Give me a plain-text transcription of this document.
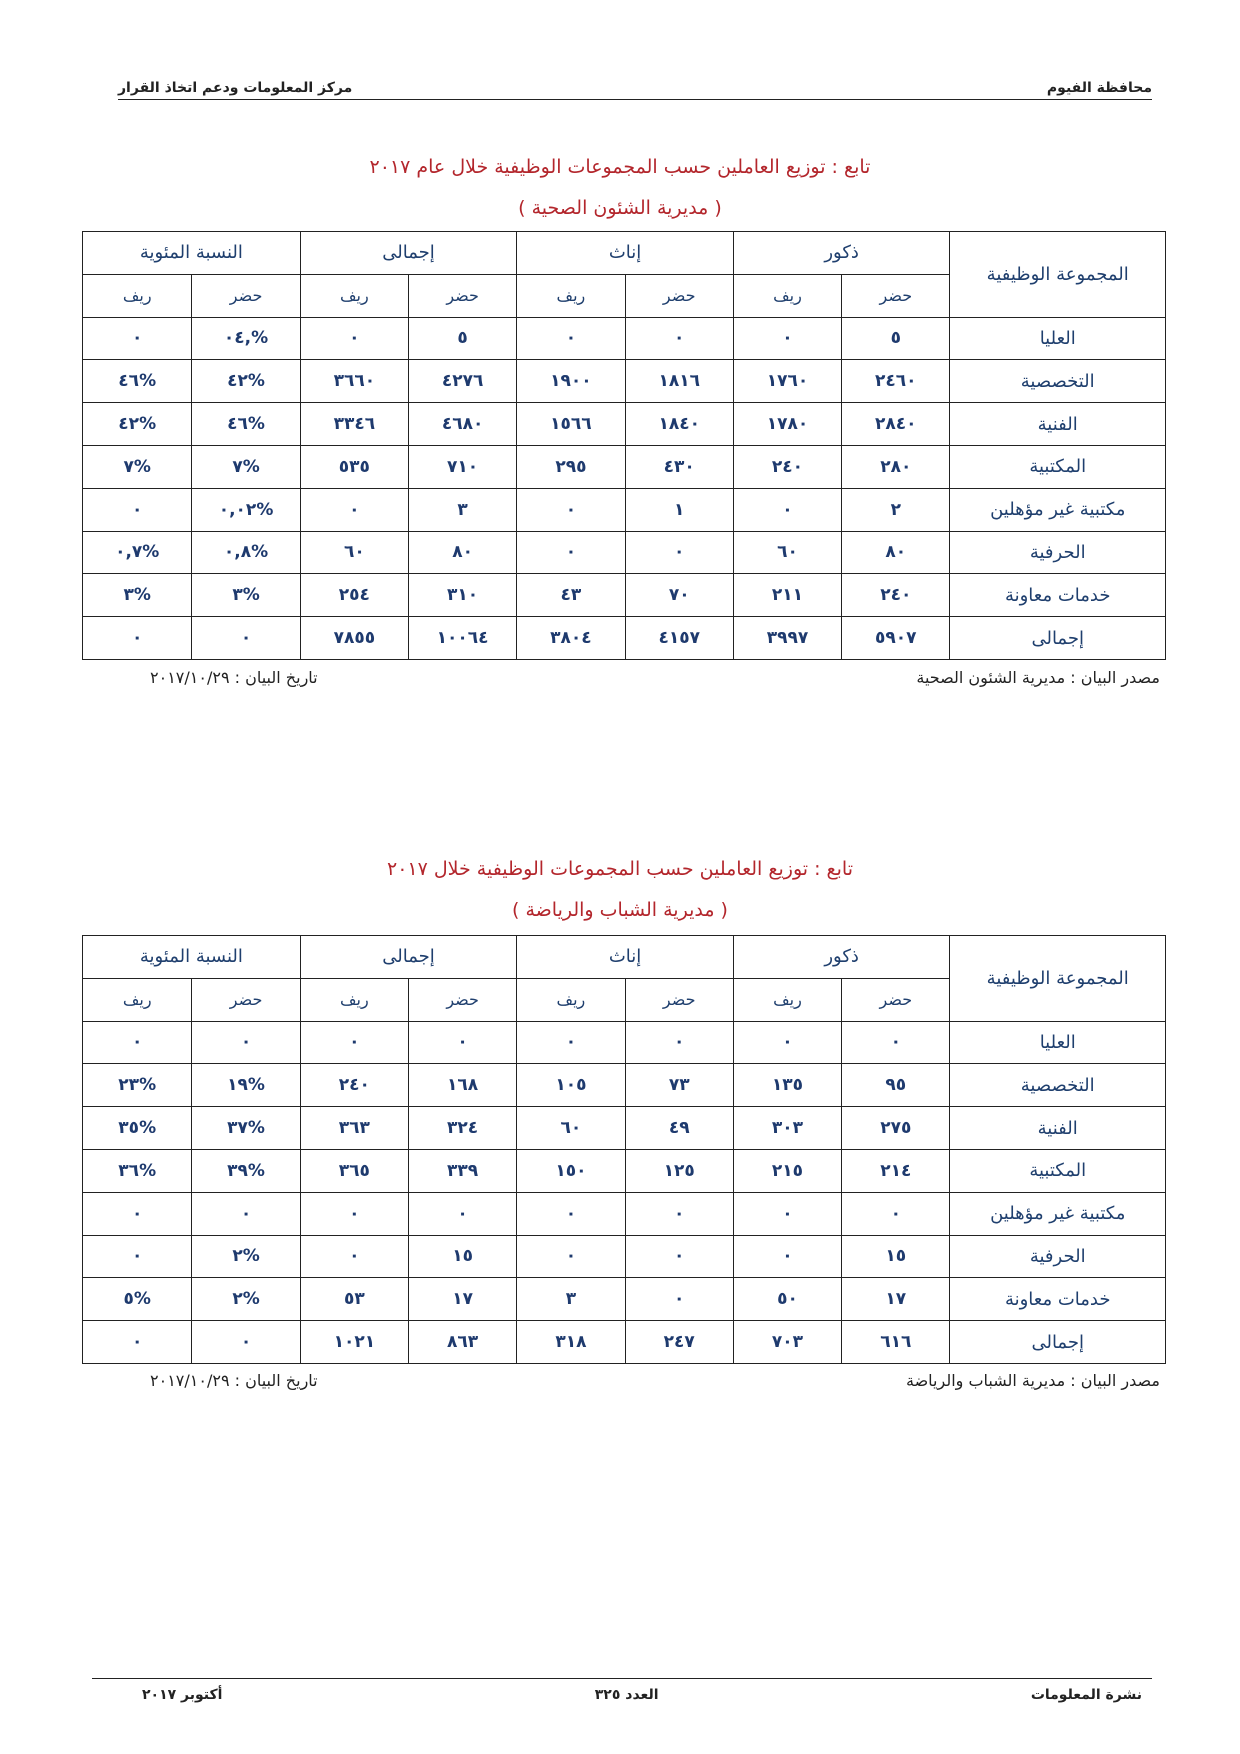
محافظة الفيوم
مركز المعلومات ودعم اتخاذ القرار
تابع : توزيع العاملين حسب المجموعات الوظيفية خلال عام ٢٠١٧
( مديرية الشئون الصحية )
المجموعة الوظيفية	ذكور		إناث		إجمالى		النسبة المئوية	
	حضر	ريف	حضر	ريف	حضر	ريف	حضر	ريف
العليا	٥	٠	٠	٠	٥	٠	%,٠٤	٠
التخصصية	٢٤٦٠	١٧٦٠	١٨١٦	١٩٠٠	٤٢٧٦	٣٦٦٠	%٤٢	%٤٦
الفنية	٢٨٤٠	١٧٨٠	١٨٤٠	١٥٦٦	٤٦٨٠	٣٣٤٦	%٤٦	%٤٢
المكتبية	٢٨٠	٢٤٠	٤٣٠	٢٩٥	٧١٠	٥٣٥	%٧	%٧
مكتبية غير مؤهلين	٢	٠	١	٠	٣	٠	%٠,٠٢	٠
الحرفية	٨٠	٦٠	٠	٠	٨٠	٦٠	%٠,٨	%٠,٧
خدمات معاونة	٢٤٠	٢١١	٧٠	٤٣	٣١٠	٢٥٤	%٣	%٣
إجمالى	٥٩٠٧	٣٩٩٧	٤١٥٧	٣٨٠٤	١٠٠٦٤	٧٨٥٥	٠	٠
مصدر البيان : مديرية الشئون الصحية
تاريخ البيان : ٢٠١٧/١٠/٢٩
تابع : توزيع العاملين حسب المجموعات الوظيفية خلال ٢٠١٧
( مديرية الشباب والرياضة )
المجموعة الوظيفية	ذكور		إناث		إجمالى		النسبة المئوية	
	حضر	ريف	حضر	ريف	حضر	ريف	حضر	ريف
العليا	٠	٠	٠	٠	٠	٠	٠	٠
التخصصية	٩٥	١٣٥	٧٣	١٠٥	١٦٨	٢٤٠	%١٩	%٢٣
الفنية	٢٧٥	٣٠٣	٤٩	٦٠	٣٢٤	٣٦٣	%٣٧	%٣٥
المكتبية	٢١٤	٢١٥	١٢٥	١٥٠	٣٣٩	٣٦٥	%٣٩	%٣٦
مكتبية غير مؤهلين	٠	٠	٠	٠	٠	٠	٠	٠
الحرفية	١٥	٠	٠	٠	١٥	٠	%٢	٠
خدمات معاونة	١٧	٥٠	٠	٣	١٧	٥٣	%٢	%٥
إجمالى	٦١٦	٧٠٣	٢٤٧	٣١٨	٨٦٣	١٠٢١	٠	٠
مصدر البيان : مديرية الشباب والرياضة
تاريخ البيان : ٢٠١٧/١٠/٢٩
نشرة المعلومات
العدد ٣٢٥
أكتوبر ٢٠١٧
